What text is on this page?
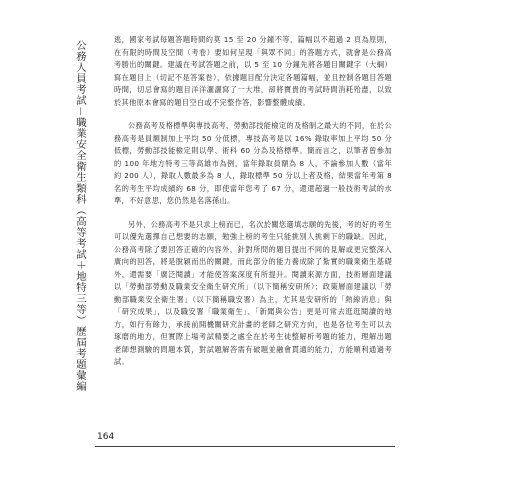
公務人員考試－職業安全衛生類科（高等考試＋地特三等）歷屆考題彙編

逃，國家考試每題答題時間約莫 15 至 20 分鐘不等，篇幅以不超過 2 頁為原則，在有限的時間及空間（考卷）要如何呈現「與眾不同」的答題方式，就會是公務高考勝出的關鍵。建議在考試答題之前，以 5 至 10 分鐘先將各題目關鍵字（大綱）寫在題目上（切記不是答案卷），依據題目配分決定各題篇幅，並且控制各題目答題時間，切忌會寫的題目洋洋灑灑寫了一大堆，卻將寶貴的考試時間消耗殆盡，以致於其他原本會寫的題目空白或不完整作答，影響整體成績。

公務高考及格標準與專技高考、勞動部技能檢定的及格制之最大的不同，在於公務高考是員額制加上平均 50 分低標，專技高考是以 16% 錄取率加上平均 50 分低標，勞動部技能檢定則以學、術科 60 分為及格標準。簡而言之，以筆者曾參加的 100 年地方特考三等高雄市為例，當年錄取員額為 8 人，不論參加人數（當年約 200 人），錄取人數最多為 8 人，錄取標準 50 分以上者及格，結果當年考第 8 名的考生平均成績約 68 分，即使當年您考了 67 分，還還超過一般技術考試的水準，不好意思，您仍然是名落孫山。

另外，公務高考不是只求上榜而已，名次於關您選填志願的先後，考的好的考生可以優先選擇自己想要的志願，勉強上榜的考生只能挑別人挑剩下的職缺。因此，公務高考除了要回答正確的內容外，針對所問的題目提出不同的見解或更完整深入廣向的回答，將是脫穎而出的關鍵，而此部分的能力養成除了紮實的職業衛生基礎外，還需要「廣泛閱讀」才能使答案深度有所提升。閱讀來源方面，技術層面建議以「勞動部勞動及職業安全衛生研究所」（以下簡稱安研所）；政策層面建議以「勞動部職業安全衛生署」（以下簡稱職安署）為主，尤其是安研所的「熱線消息」與「研究成果」，以及職安署「職業衛生」、「新聞與公告」更是可常去逛逛閱讀的地方，如行有餘力，承接前開機關研究計畫的老師之研究方向，也是各位考生可以去琢磨的地方，但實際上場考試精要之處全在於考生徒整解析考題的能力，理解出題老師想測驗的問題本質，對試題解答需有破題並融會貫通的能力，方能順利通過考試。

164
